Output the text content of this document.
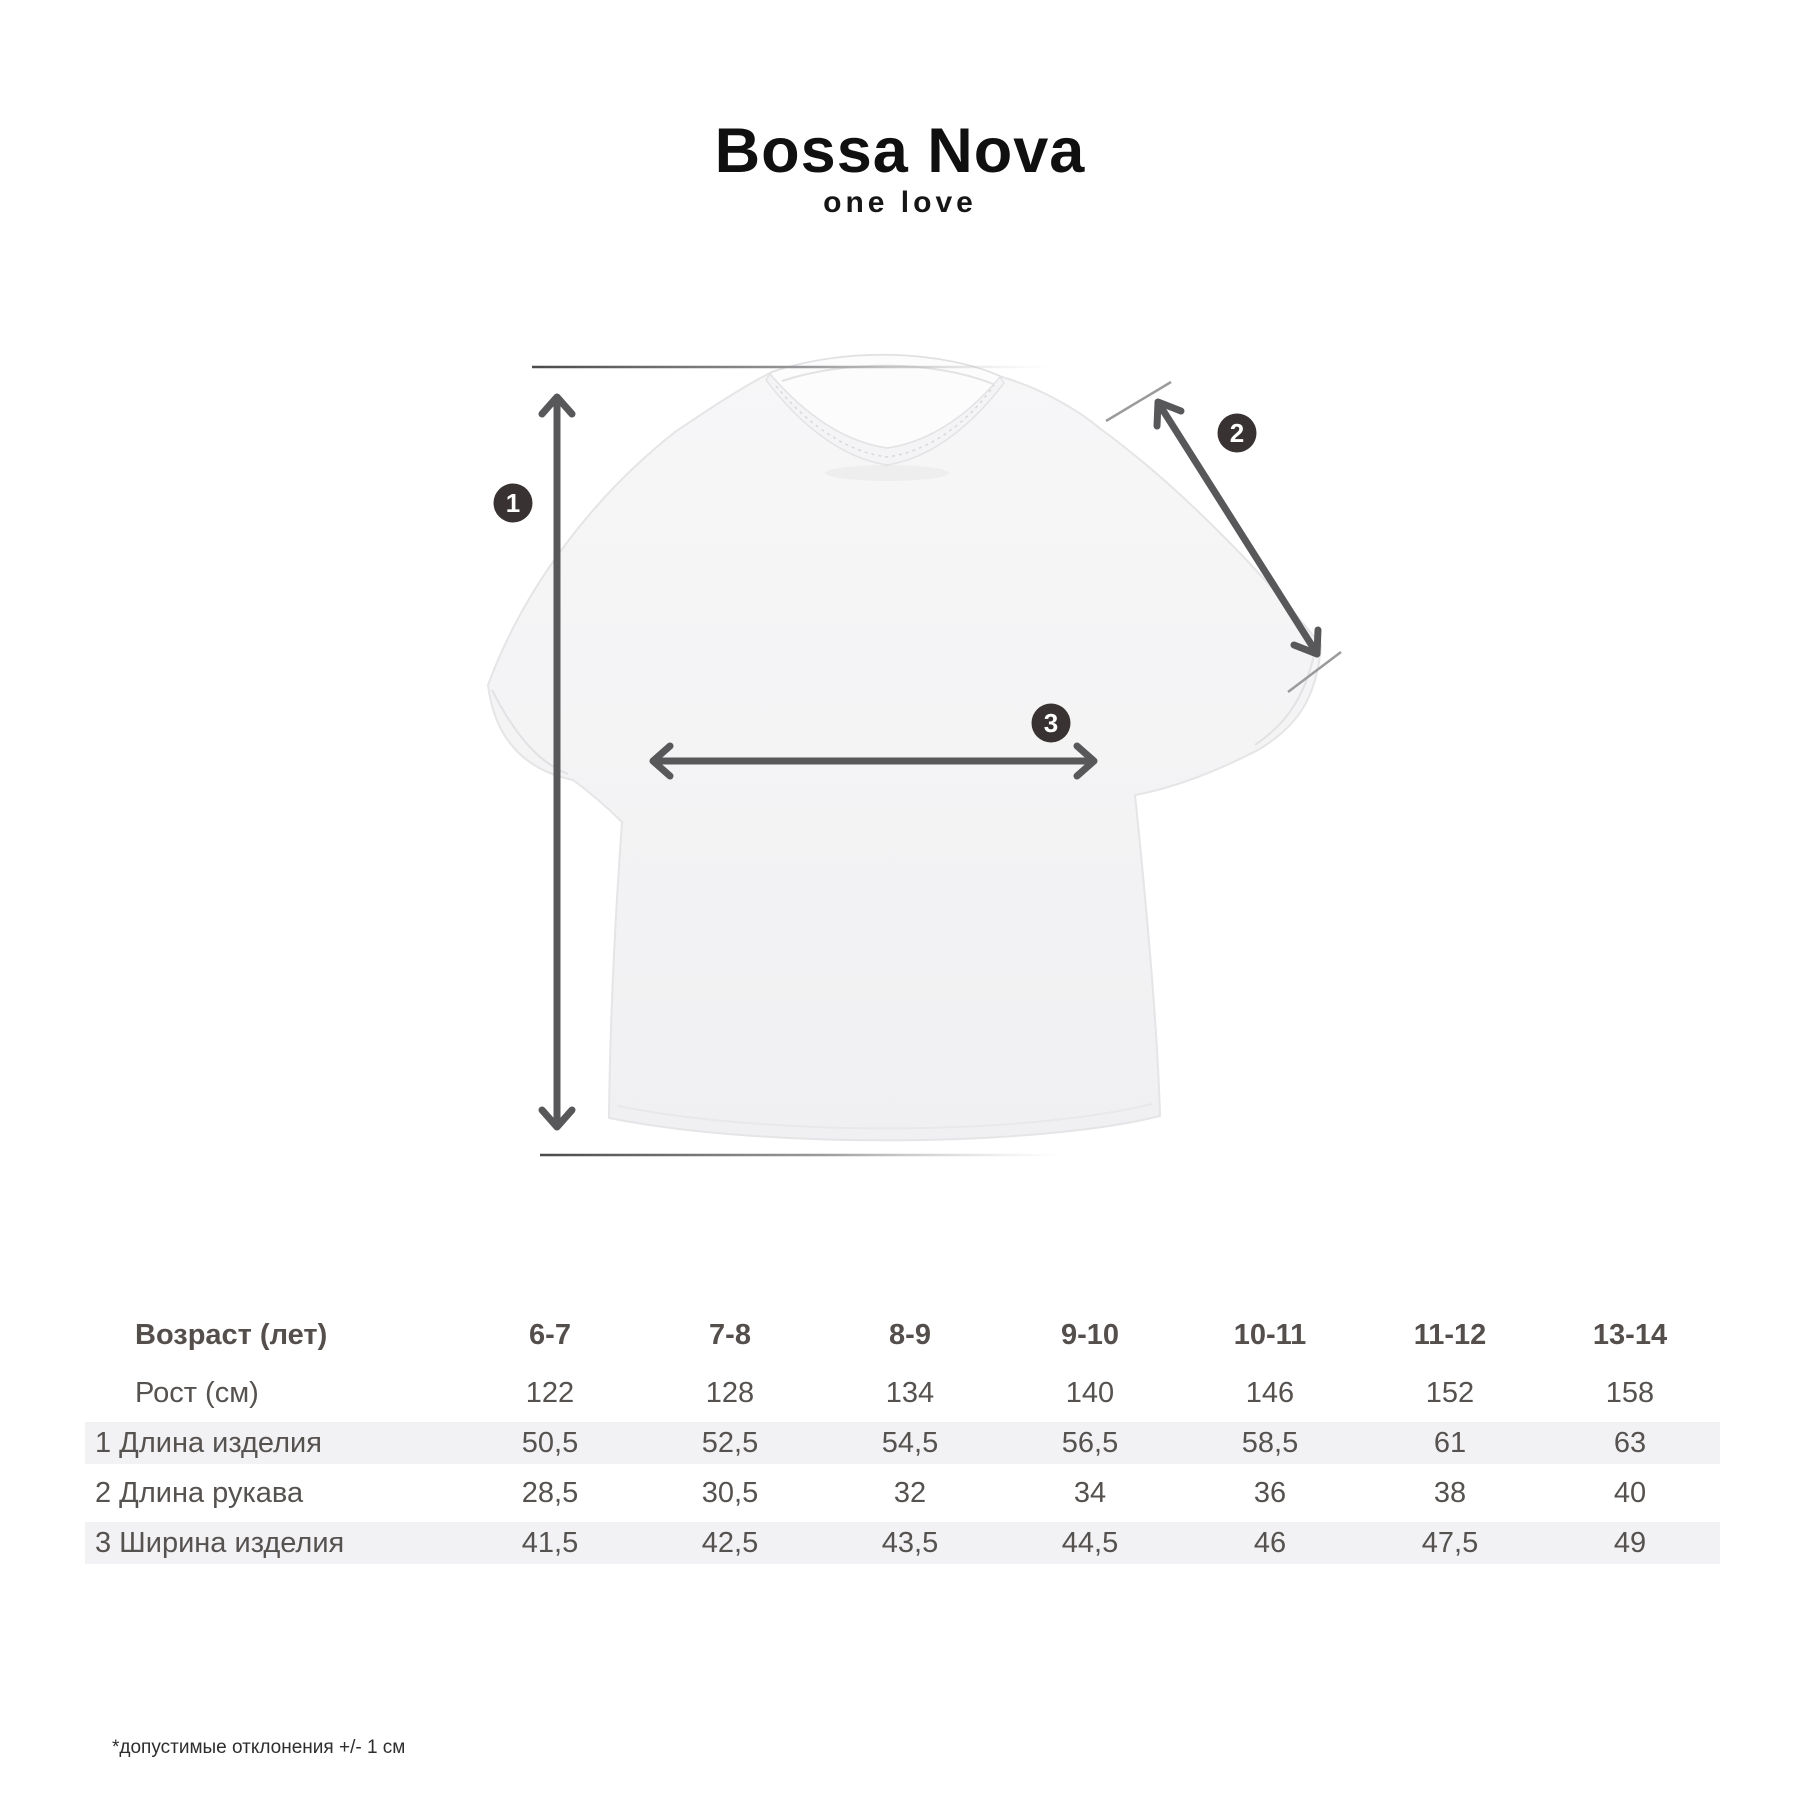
Bossa Nova
one love
1
2
3
Возраст (лет)	6-7	7-8	8-9	9-10	10-11	11-12	13-14
Рост (см)	122	128	134	140	146	152	158
1 Длина изделия	50,5	52,5	54,5	56,5	58,5	61	63
2 Длина рукава	28,5	30,5	32	34	36	38	40
3 Ширина изделия	41,5	42,5	43,5	44,5	46	47,5	49
*допустимые отклонения +/- 1 см
